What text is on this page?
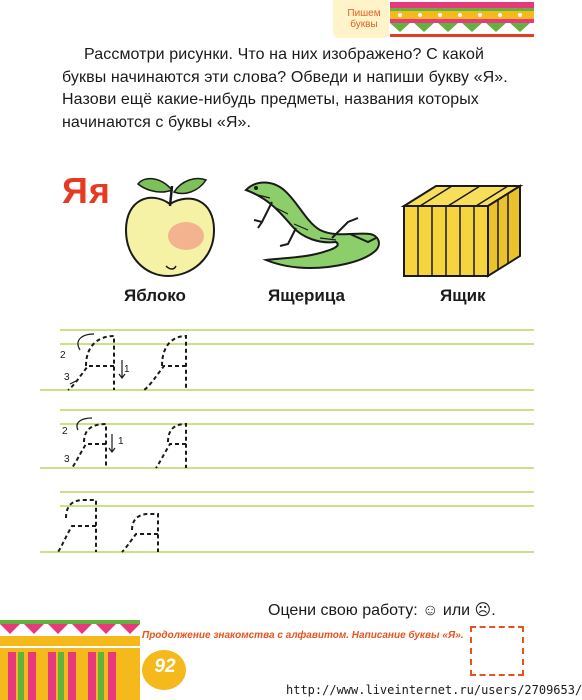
Пишем
буквы
Рассмотри рисунки. Что на них изображено? С какой буквы начинаются эти слова? Обведи и напиши букву «Я». Назови ещё какие-нибудь предметы, названия которых начинаются с буквы «Я».
Яя
Яблоко	Ящерица	Ящик
2
3
1
2
3
1
Оцени свою работу: ☺ или ☹.
92
Продолжение знакомства с алфавитом. Написание буквы «Я».
http://www.liveinternet.ru/users/2709653/
